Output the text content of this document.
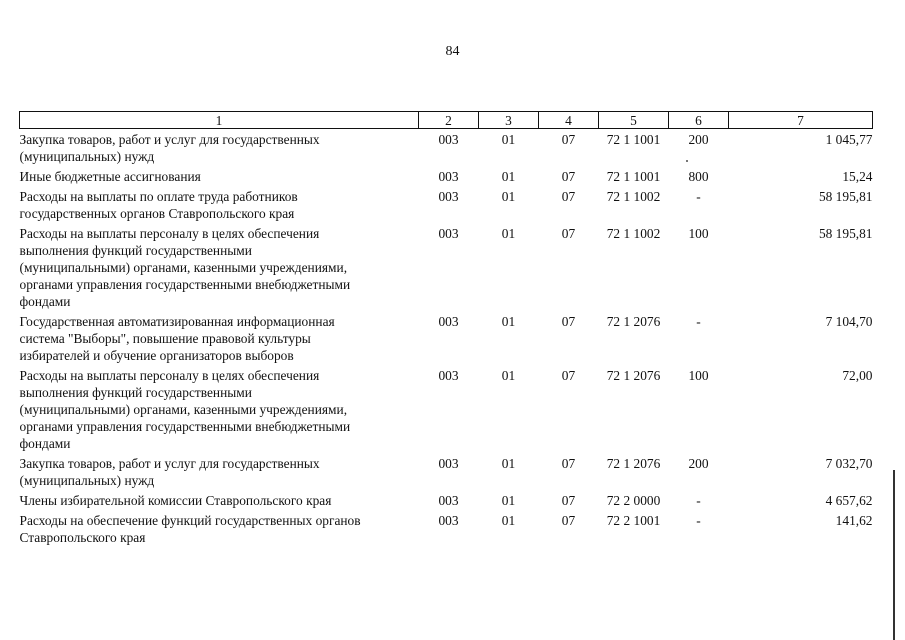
84
1	2	3	4	5	6	7

Закупка товаров, работ и услуг для государственных
(муниципальных) нужд	003	01	07	72 1 1001	200	1 045,77

Иные бюджетные ассигнования	003	01	07	72 1 1001	800	15,24

Расходы на выплаты по оплате труда работников
государственных органов Ставропольского края	003	01	07	72 1 1002	-	58 195,81

Расходы на выплаты персоналу в целях обеспечения
выполнения функций государственными
(муниципальными) органами, казенными учреждениями,
органами управления государственными внебюджетными
фондами	003	01	07	72 1 1002	100	58 195,81

Государственная автоматизированная информационная
система "Выборы", повышение правовой культуры
избирателей и обучение организаторов выборов	003	01	07	72 1 2076	-	7 104,70

Расходы на выплаты персоналу в целях обеспечения
выполнения функций государственными
(муниципальными) органами, казенными учреждениями,
органами управления государственными внебюджетными
фондами	003	01	07	72 1 2076	100	72,00

Закупка товаров, работ и услуг для государственных
(муниципальных) нужд	003	01	07	72 1 2076	200	7 032,70

Члены избирательной комиссии Ставропольского края	003	01	07	72 2 0000	-	4 657,62

Расходы на обеспечение функций государственных органов
Ставропольского края	003	01	07	72 2 1001	-	141,62
